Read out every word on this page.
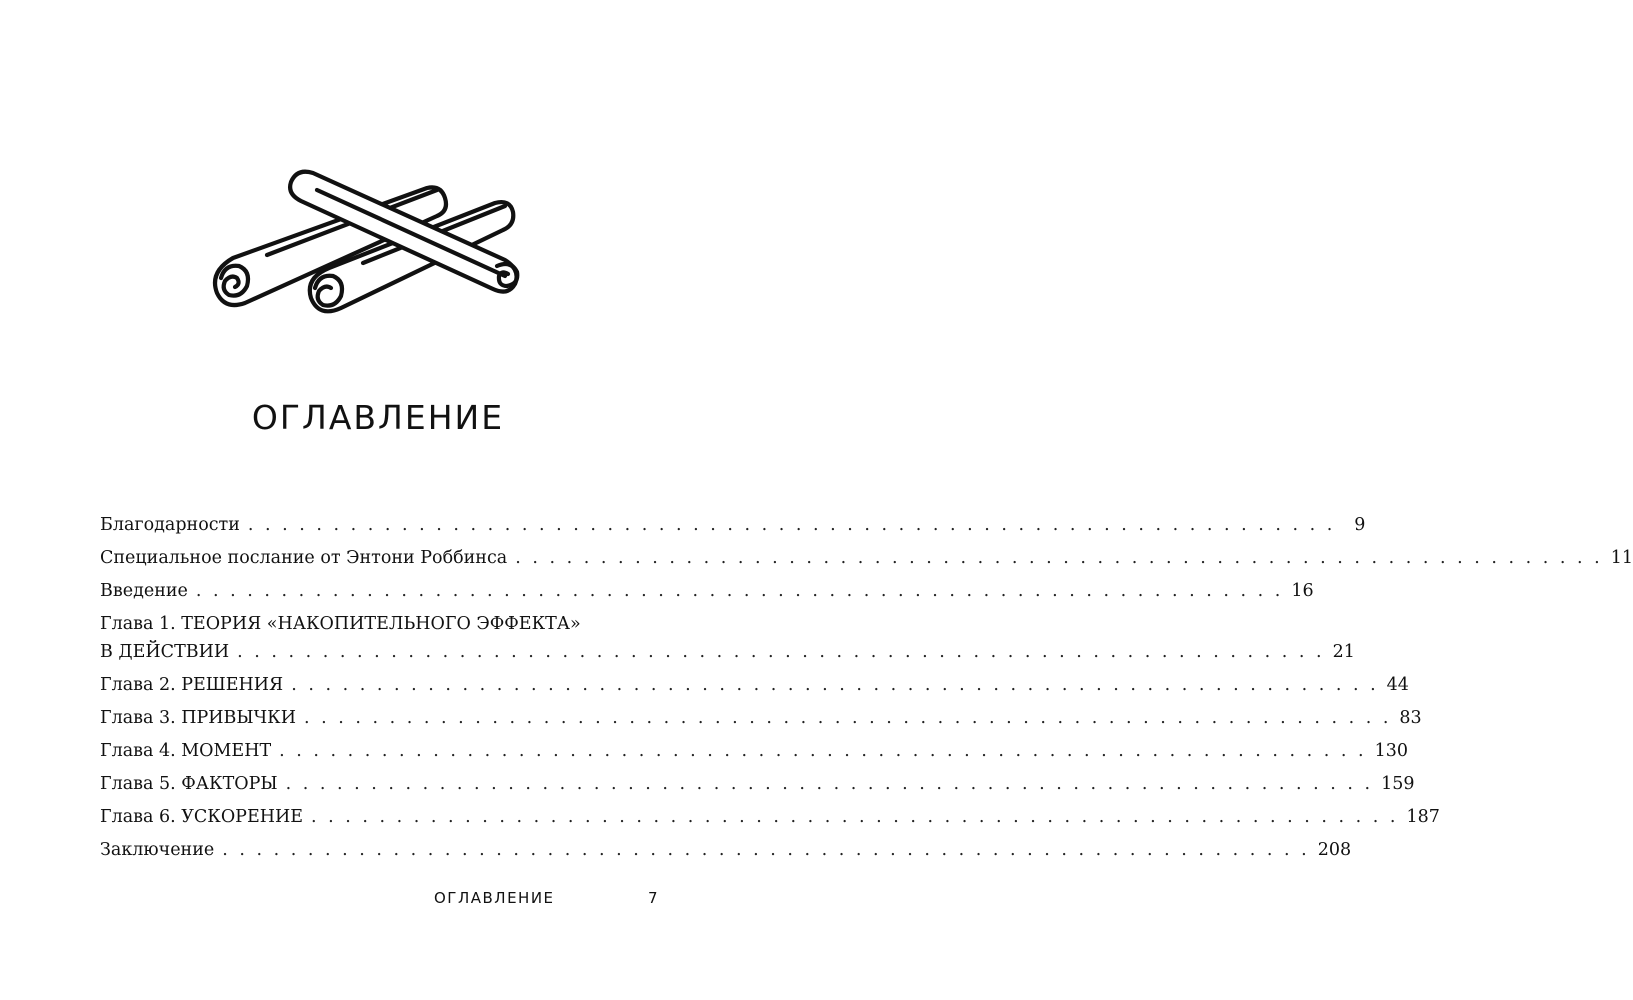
ОГЛАВЛЕНИЕ
Благодарности . . . . . . . . . . . . . . . . . . . . . . . . . . . . . . . . . . . . . . . . . . . . . . . . . . . . . . . . . . . . . . . .	9
Специальное послание от Энтони Роббинса . . . . . . . . . . . . . . . . . . . . . . . . . . . . . . . . . . . . . . . . . . . . . . . . . . . . . . . . . . . . . . . . 11
Введение . . . . . . . . . . . . . . . . . . . . . . . . . . . . . . . . . . . . . . . . . . . . . . . . . . . . . . . . . . . . . . . . 16
Глава 1. ТЕОРИЯ «НАКОПИТЕЛЬНОГО ЭФФЕКТА»
В ДЕЙСТВИИ . . . . . . . . . . . . . . . . . . . . . . . . . . . . . . . . . . . . . . . . . . . . . . . . . . . . . . . . . . . . . . . . 21
Глава 2. РЕШЕНИЯ . . . . . . . . . . . . . . . . . . . . . . . . . . . . . . . . . . . . . . . . . . . . . . . . . . . . . . . . . . . . . . . . 44
Глава 3. ПРИВЫЧКИ . . . . . . . . . . . . . . . . . . . . . . . . . . . . . . . . . . . . . . . . . . . . . . . . . . . . . . . . . . . . . . . . 83
Глава 4. МОМЕНТ . . . . . . . . . . . . . . . . . . . . . . . . . . . . . . . . . . . . . . . . . . . . . . . . . . . . . . . . . . . . . . . . 130
Глава 5. ФАКТОРЫ . . . . . . . . . . . . . . . . . . . . . . . . . . . . . . . . . . . . . . . . . . . . . . . . . . . . . . . . . . . . . . . . 159
Глава 6. УСКОРЕНИЕ . . . . . . . . . . . . . . . . . . . . . . . . . . . . . . . . . . . . . . . . . . . . . . . . . . . . . . . . . . . . . . . . 187
Заключение . . . . . . . . . . . . . . . . . . . . . . . . . . . . . . . . . . . . . . . . . . . . . . . . . . . . . . . . . . . . . . . . 208
ОГЛАВЛЕНИЕ	7
